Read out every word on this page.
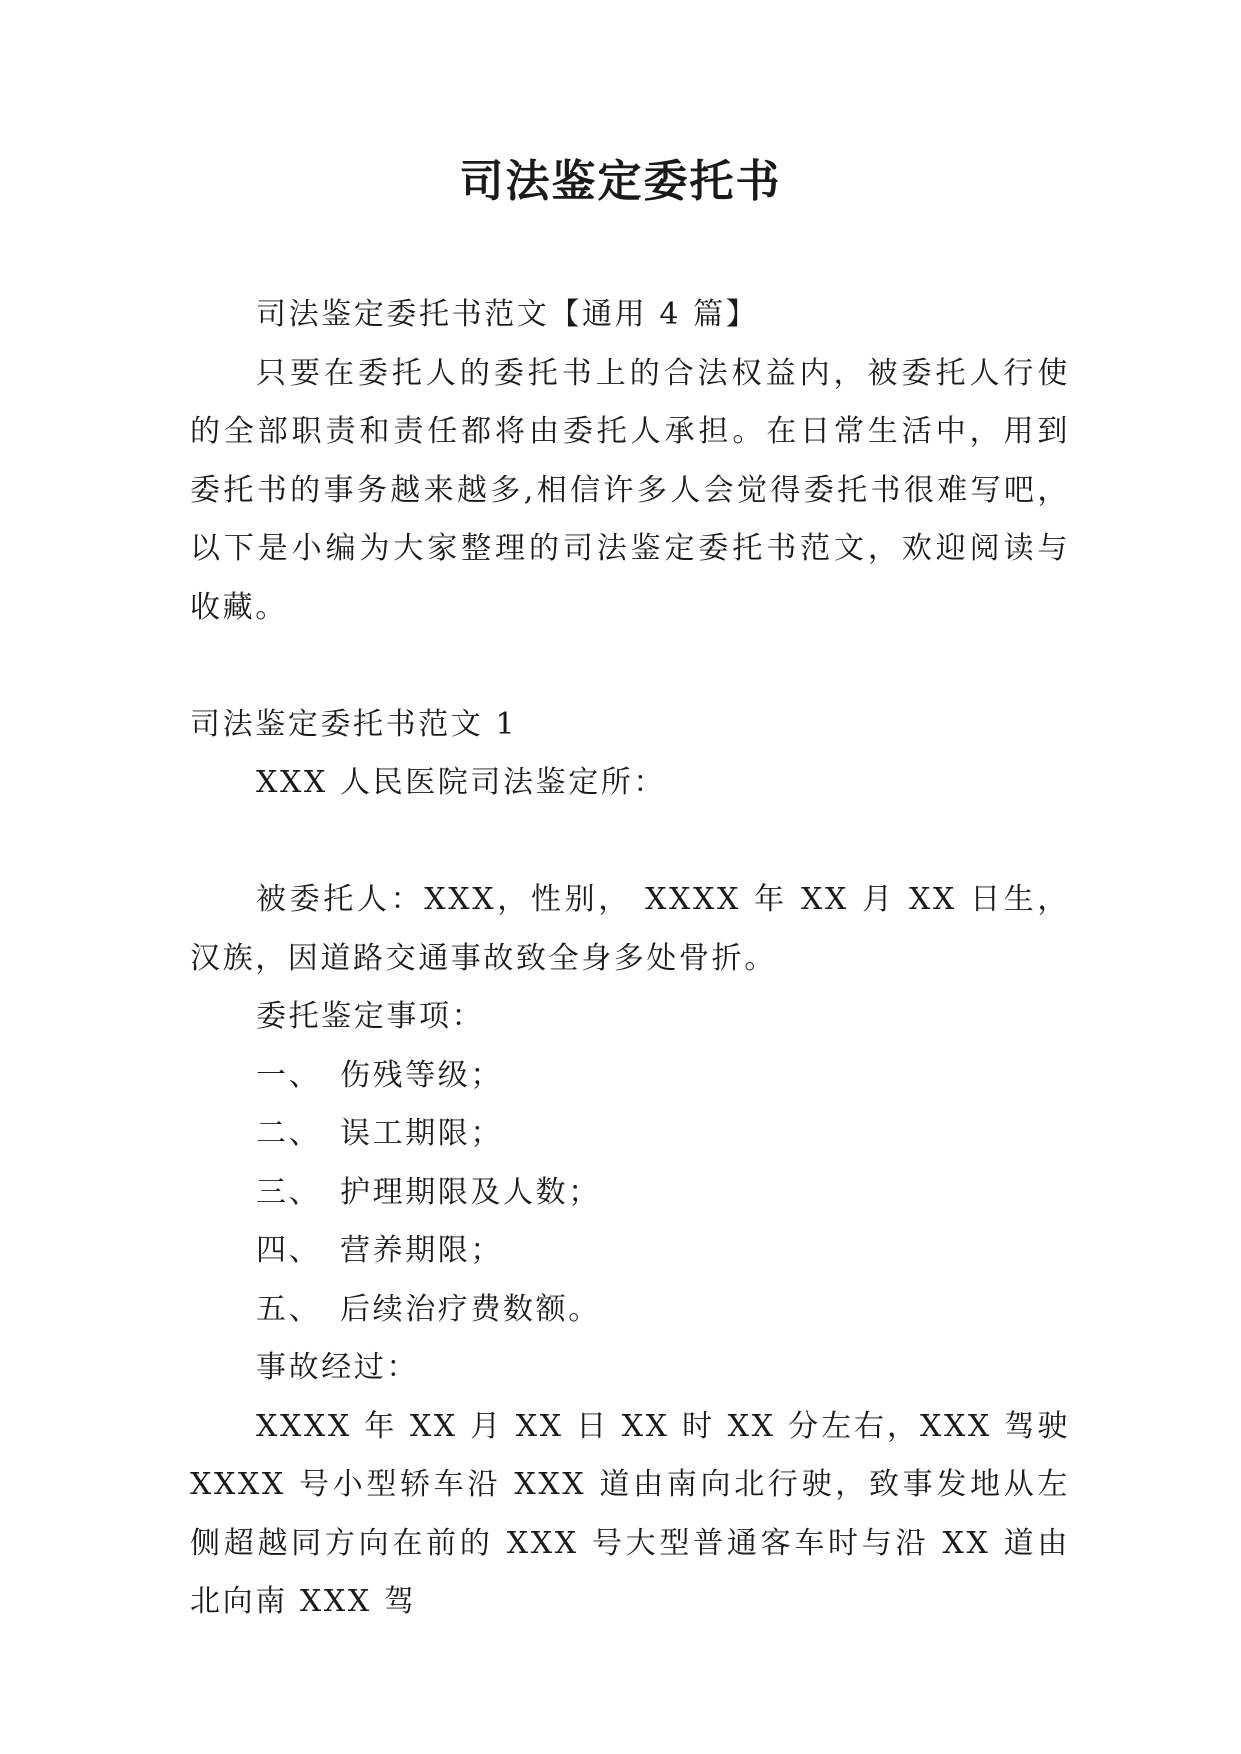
司法鉴定委托书

司法鉴定委托书范文【通用 4 篇】

只要在委托人的委托书上的合法权益内，被委托人行使的全部职责和责任都将由委托人承担。在日常生活中，用到委托书的事务越来越多,相信许多人会觉得委托书很难写吧，以下是小编为大家整理的司法鉴定委托书范文，欢迎阅读与收藏。

司法鉴定委托书范文 1

XXX 人民医院司法鉴定所：

被委托人：XXX，性别， XXXX 年 XX 月 XX 日生，汉族，因道路交通事故致全身多处骨折。

委托鉴定事项：

一、 伤残等级；

二、 误工期限；

三、 护理期限及人数；

四、 营养期限；

五、 后续治疗费数额。

事故经过：

XXXX 年 XX 月 XX 日 XX 时 XX 分左右，XXX 驾驶 XXXX 号小型轿车沿 XXX 道由南向北行驶，致事发地从左侧超越同方向在前的 XXX 号大型普通客车时与沿 XX 道由北向南 XXX 驾
